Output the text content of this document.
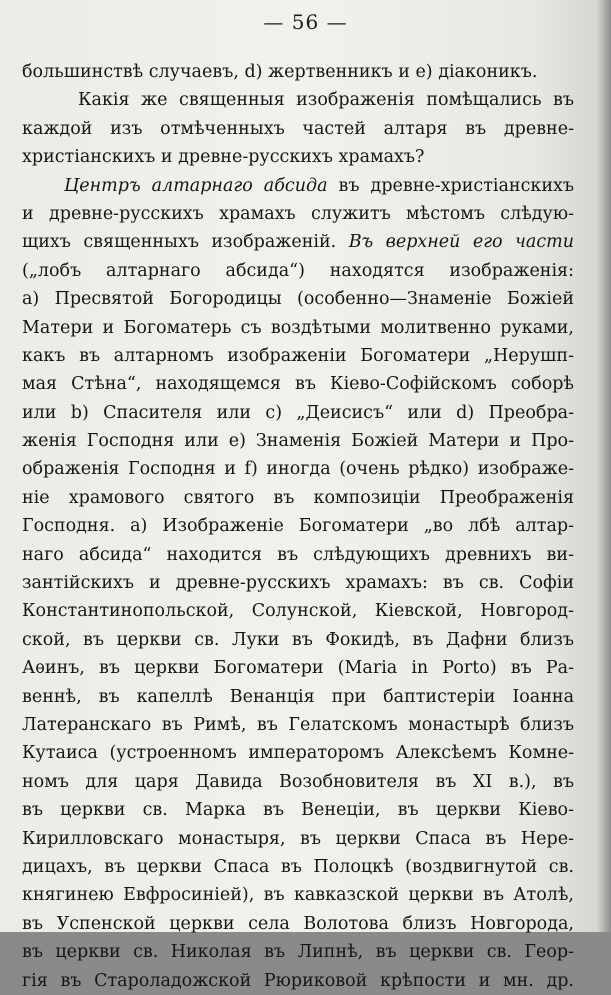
— 56 —
большинствѣ случаевъ, d) жертвенникъ и e) діаконикъ.
Какія же священныя изображенія помѣщались въ
каждой изъ отмѣченныхъ частей алтаря въ древне-
христіанскихъ и древне-русскихъ храмахъ?
Центръ алтарнаго абсида въ древне-христіанскихъ
и древне-русскихъ храмахъ служитъ мѣстомъ слѣдую-
щихъ священныхъ изображеній. Въ верхней его части
(„лобъ алтарнаго абсида“) находятся изображенія:
a) Пресвятой Богородицы (особенно—Знаменіе Божіей
Матери и Богоматерь съ воздѣтыми молитвенно руками,
какъ въ алтарномъ изображеніи Богоматери „Нерушп-
мая Стѣна“, находящемся въ Кіево-Софійскомъ соборѣ
или b) Спасителя или c) „Деисисъ“ или d) Преобра-
женія Господня или e) Знаменія Божіей Матери и Про-
ображенія Господня и f) иногда (очень рѣдко) изображе-
ніе храмового святого въ композиціи Преображенія
Господня. a) Изображеніе Богоматери „во лбѣ алтар-
наго абсида“ находится въ слѣдующихъ древнихъ ви-
зантійскихъ и древне-русскихъ храмахъ: въ св. Софіи
Константинопольской, Солунской, Кіевской, Новгород-
ской, въ церкви св. Луки въ Фокидѣ, въ Дафни близъ
Аѳинъ, въ церкви Богоматери (Maria in Porto) въ Ра-
веннѣ, въ капеллѣ Венанція при баптистеріи Іоанна
Латеранскаго въ Римѣ, въ Гелатскомъ монастырѣ близъ
Кутаиса (устроенномъ императоромъ Алексѣемъ Комне-
номъ для царя Давида Возобновителя въ XI в.), въ
въ церкви св. Марка въ Венеціи, въ церкви Кіево-
Кирилловскаго монастыря, въ церкви Спаса въ Нере-
дицахъ, въ церкви Спаса въ Полоцкѣ (воздвигнутой св.
княгинею Евфросиніей), въ кавказской церкви въ Атолѣ,
въ Успенской церкви села Волотова близъ Новгорода,
въ церкви св. Николая въ Липнѣ, въ церкви св. Геор-
гія въ Староладожской Рюриковой крѣпости и мн. др.
